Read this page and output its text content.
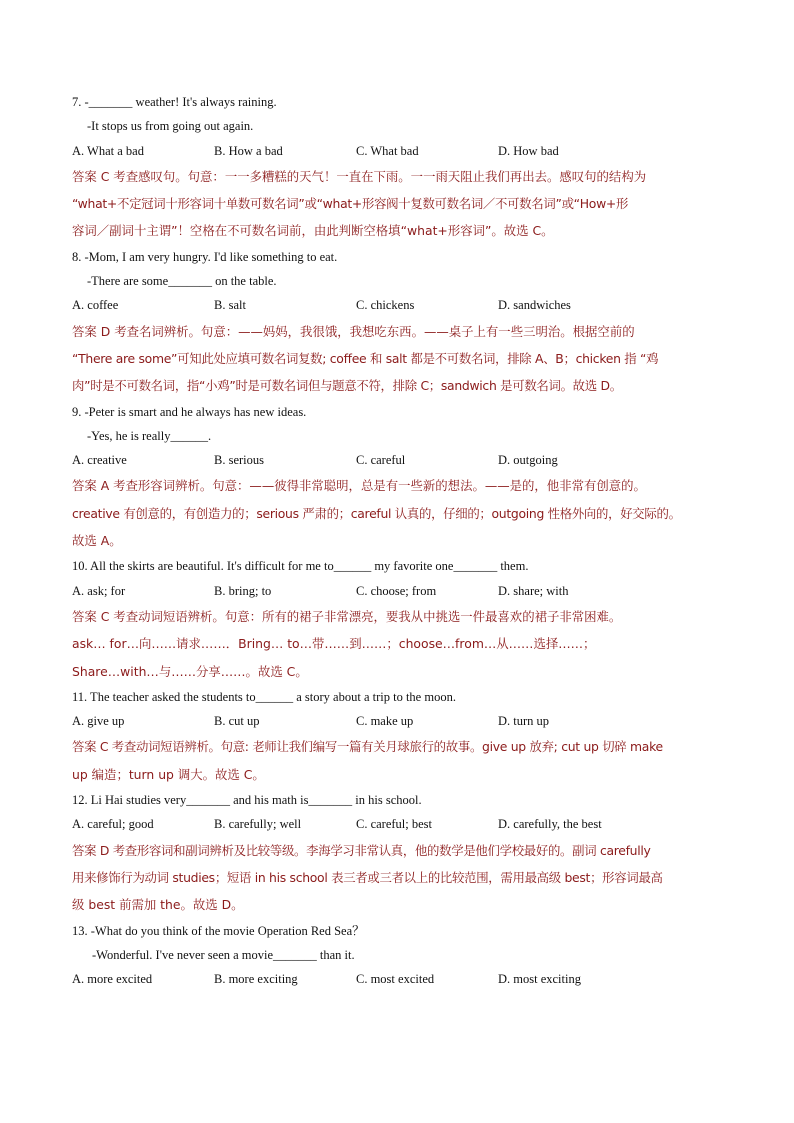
7. -_______ weather! It's always raining.
-It stops us from going out again.
A. What a bad	B. How a bad	C. What bad	D. How bad
答案 C 考查感叹句。句意：一一多糟糕的天气！一直在下雨。一一雨天阻止我们再出去。感叹句的结构为
“what+不定冠词十形容词十单数可数名词”或“what+形容阀十复数可数名词／不可数名词”或“How+形
容词／副词十主谓”！空格在不可数名词前，由此判断空格填“what+形容词”。故选 C。
8. -Mom, I am very hungry. I'd like something to eat.
-There are some_______ on the table.
A. coffee	B. salt	C. chickens	D. sandwiches
答案 D 考查名词辨析。句意：——妈妈，我很饿，我想吃东西。——桌子上有一些三明治。根据空前的
“There are some”可知此处应填可数名词复数; coffee 和 salt 都是不可数名词，排除 A、B；chicken 指 “鸡
肉”时是不可数名词，指“小鸡”时是可数名词但与题意不符，排除 C；sandwich 是可数名词。故选 D。
9. -Peter is smart and he always has new ideas.
-Yes, he is really______.
A. creative	B. serious	C. careful	D. outgoing
答案 A 考查形容词辨析。句意：——彼得非常聪明，总是有一些新的想法。——是的，他非常有创意的。
creative 有创意的，有创造力的；serious 严肃的；careful 认真的，仔细的；outgoing 性格外向的，好交际的。
故选 A。
10. All the skirts are beautiful. It's difficult for me to______ my favorite one_______ them.
A. ask; for	B. bring; to	C. choose; from	D. share; with
答案 C 考查动词短语辨析。句意：所有的裙子非常漂亮，要我从中挑选一件最喜欢的裙子非常困难。
ask… for…向……请求……．Bring… to…带……到……；choose…from…从……选择……；
Share…with…与……分享……。故选 C。
11. The teacher asked the students to______ a story about a trip to the moon.
A. give up	B. cut up	C. make up	D. turn up
答案 C 考查动词短语辨析。句意: 老师让我们编写一篇有关月球旅行的故事。give up 放弃; cut up 切碎 make
up 编造；turn up 调大。故选 C。
12. Li Hai studies very_______ and his math is_______ in his school.
A. careful; good	B. carefully; well	C. careful; best	D. carefully, the best
答案 D 考查形容词和副词辨析及比较等级。李海学习非常认真，他的数学是他们学校最好的。副词 carefully
用来修饰行为动词 studies；短语 in his school 表三者或三者以上的比较范围，需用最高级 best；形容词最高
级 best 前需加 the。故选 D。
13. -What do you think of the movie Operation Red Sea？
-Wonderful. I've never seen a movie_______ than it.
A. more excited	B. more exciting	C. most excited	D. most exciting
